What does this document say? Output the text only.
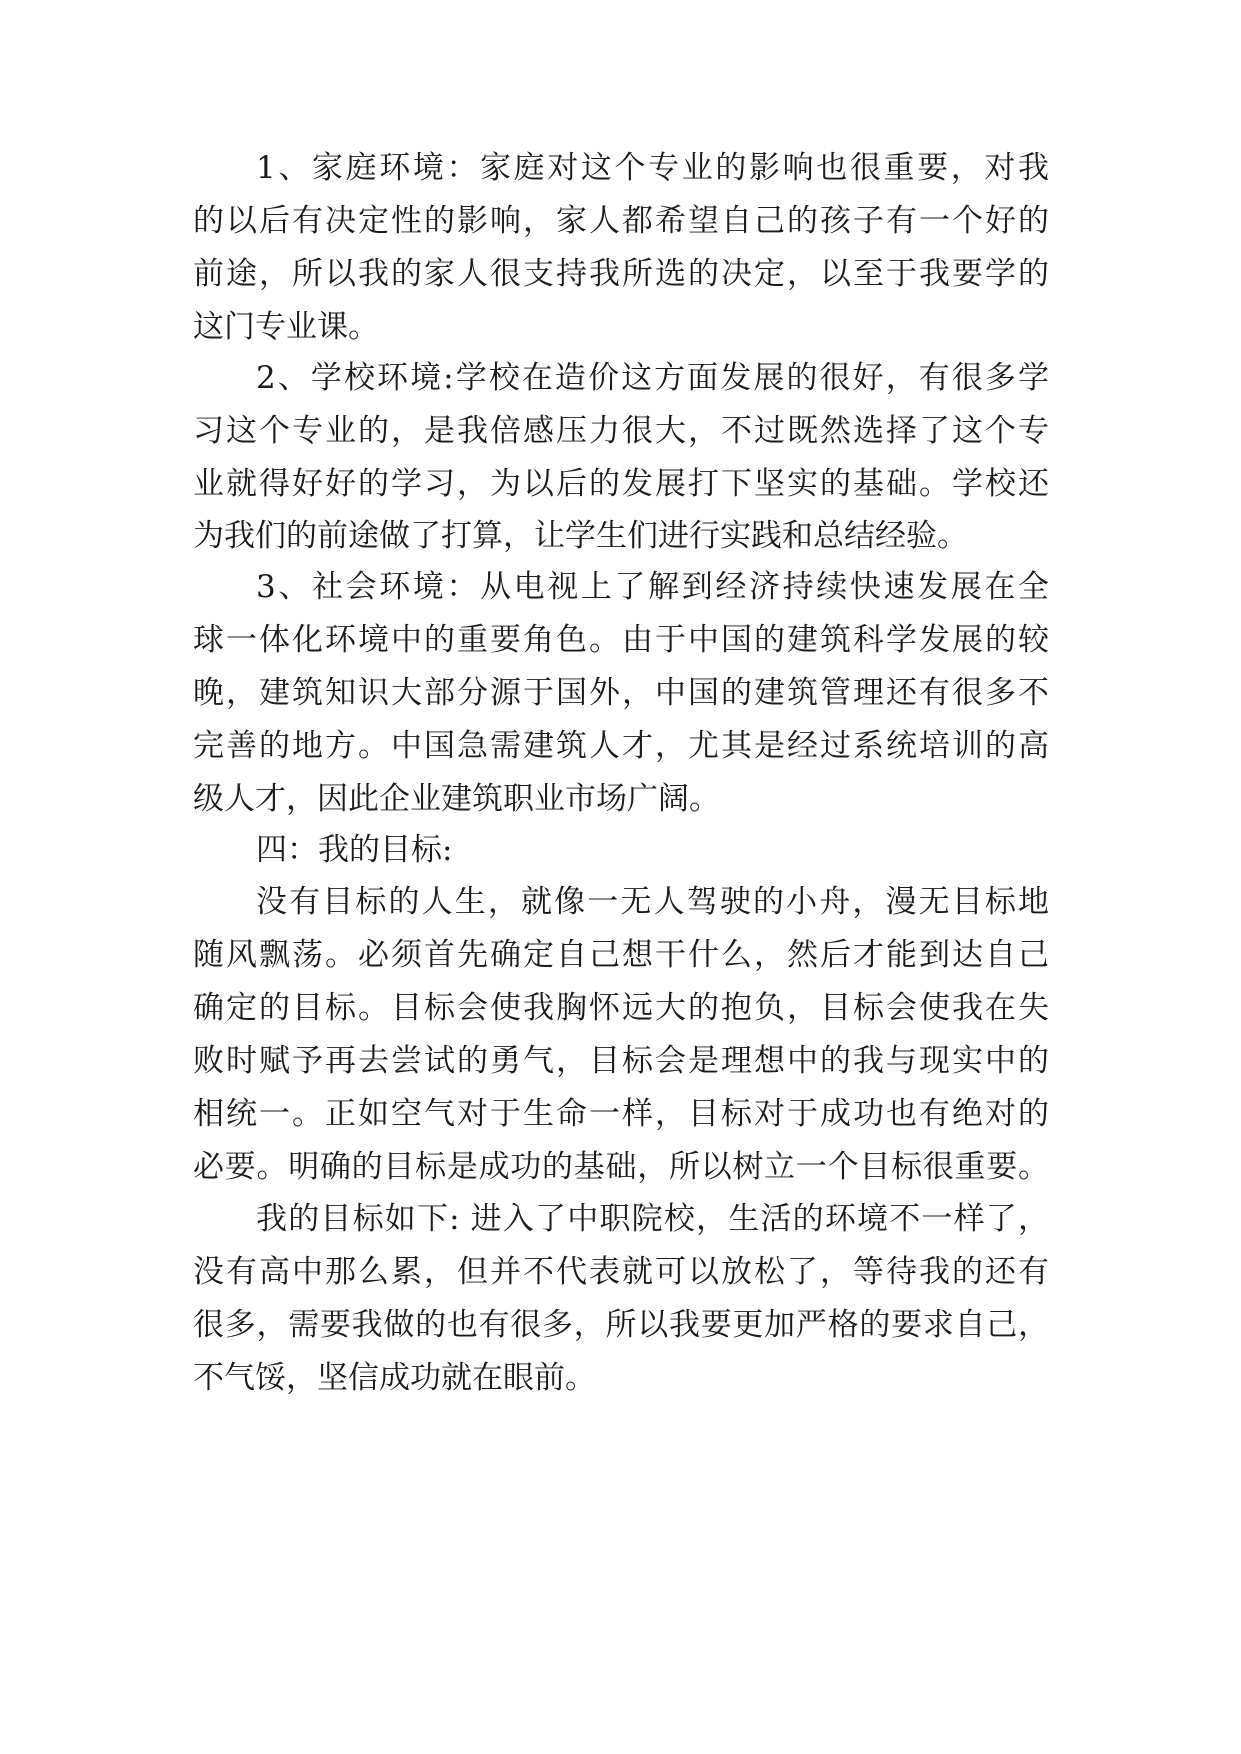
1、家庭环境：家庭对这个专业的影响也很重要，对我
的以后有决定性的影响，家人都希望自己的孩子有一个好的
前途，所以我的家人很支持我所选的决定，以至于我要学的
这门专业课。
2、学校环境:学校在造价这方面发展的很好，有很多学
习这个专业的，是我倍感压力很大，不过既然选择了这个专
业就得好好的学习，为以后的发展打下坚实的基础。学校还
为我们的前途做了打算，让学生们进行实践和总结经验。
3、社会环境：从电视上了解到经济持续快速发展在全
球一体化环境中的重要角色。由于中国的建筑科学发展的较
晚，建筑知识大部分源于国外，中国的建筑管理还有很多不
完善的地方。中国急需建筑人才，尤其是经过系统培训的高
级人才，因此企业建筑职业市场广阔。
四：我的目标:
没有目标的人生，就像一无人驾驶的小舟，漫无目标地
随风飘荡。必须首先确定自己想干什么，然后才能到达自己
确定的目标。目标会使我胸怀远大的抱负，目标会使我在失
败时赋予再去尝试的勇气，目标会是理想中的我与现实中的
相统一。正如空气对于生命一样，目标对于成功也有绝对的
必要。明确的目标是成功的基础，所以树立一个目标很重要。
我的目标如下: 进入了中职院校，生活的环境不一样了，
没有高中那么累，但并不代表就可以放松了，等待我的还有
很多，需要我做的也有很多，所以我要更加严格的要求自己，
不气馁，坚信成功就在眼前。
